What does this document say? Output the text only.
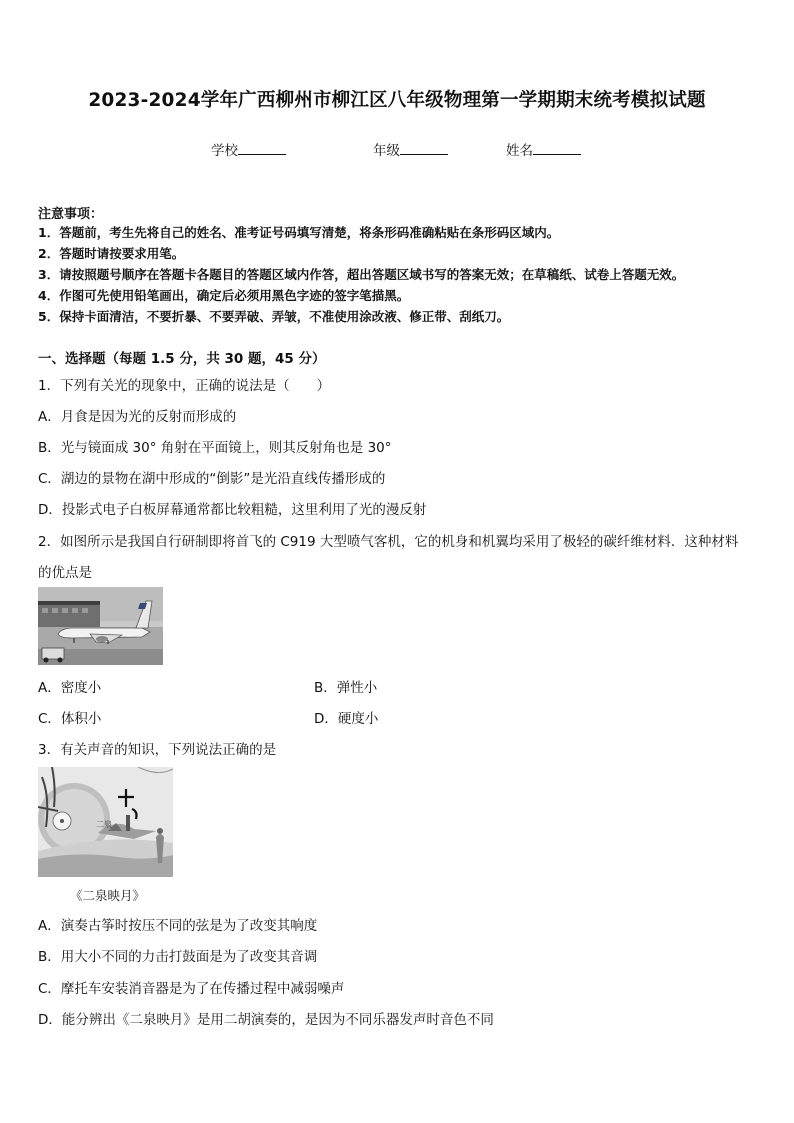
2023-2024学年广西柳州市柳江区八年级物理第一学期期末统考模拟试题
学校	年级	姓名
注意事项：
1．答题前，考生先将自己的姓名、准考证号码填写清楚，将条形码准确粘贴在条形码区域内。
2．答题时请按要求用笔。
3．请按照题号顺序在答题卡各题目的答题区域内作答，超出答题区域书写的答案无效；在草稿纸、试卷上答题无效。
4．作图可先使用铅笔画出，确定后必须用黑色字迹的签字笔描黑。
5．保持卡面清洁，不要折暴、不要弄破、弄皱，不准使用涂改液、修正带、刮纸刀。
一、选择题（每题 1.5 分，共 30 题，45 分）
1．下列有关光的现象中，正确的说法是（　　）
A．月食是因为光的反射而形成的
B．光与镜面成 30° 角射在平面镜上，则其反射角也是 30°
C．湖边的景物在湖中形成的“倒影”是光沿直线传播形成的
D．投影式电子白板屏幕通常都比较粗糙，这里利用了光的漫反射
2．如图所示是我国自行研制即将首飞的 C919 大型喷气客机，它的机身和机翼均采用了极轻的碳纤维材料．这种材料
的优点是
A．密度小	B．弹性小
C．体积小	D．硬度小
3．有关声音的知识，下列说法正确的是
二泉
《二泉映月》
A．演奏古筝时按压不同的弦是为了改变其响度
B．用大小不同的力击打鼓面是为了改变其音调
C．摩托车安装消音器是为了在传播过程中减弱噪声
D．能分辨出《二泉映月》是用二胡演奏的，是因为不同乐器发声时音色不同
